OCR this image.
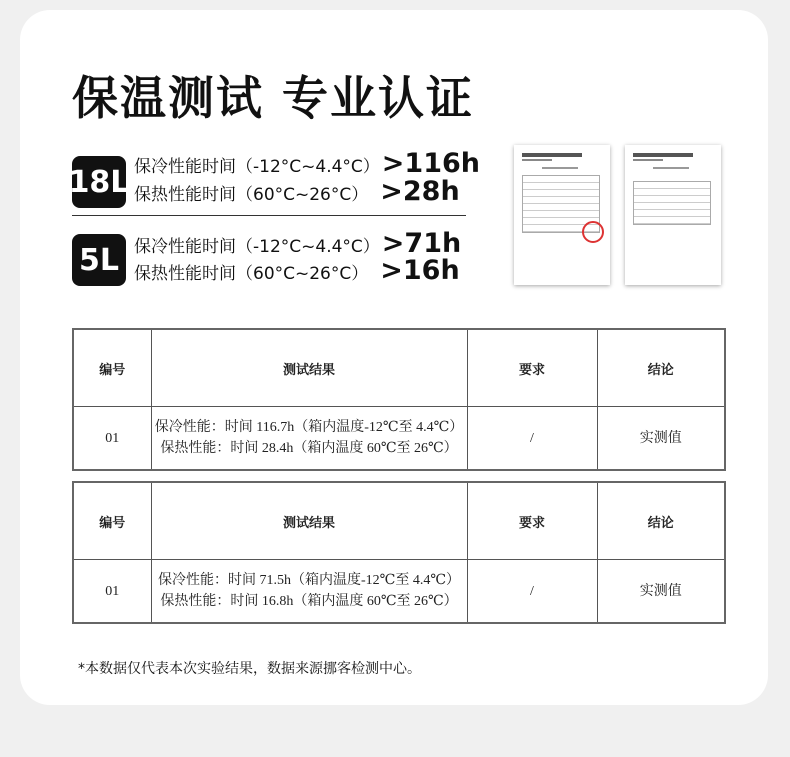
保温测试 专业认证
18L 保冷性能时间（-12°C~4.4°C） >116h
保热性能时间（60°C~26°C） >28h
5L 保冷性能时间（-12°C~4.4°C） >71h
保热性能时间（60°C~26°C） >16h
编号	测试结果	要求	结论
01	保冷性能：时间 116.7h（箱内温度-12℃至 4.4℃）
保热性能：时间 28.4h（箱内温度 60℃至 26℃）	/	实测值
编号	测试结果	要求	结论
01	保冷性能：时间 71.5h（箱内温度-12℃至 4.4℃）
保热性能：时间 16.8h（箱内温度 60℃至 26℃）	/	实测值
*本数据仅代表本次实验结果，数据来源挪客检测中心。
